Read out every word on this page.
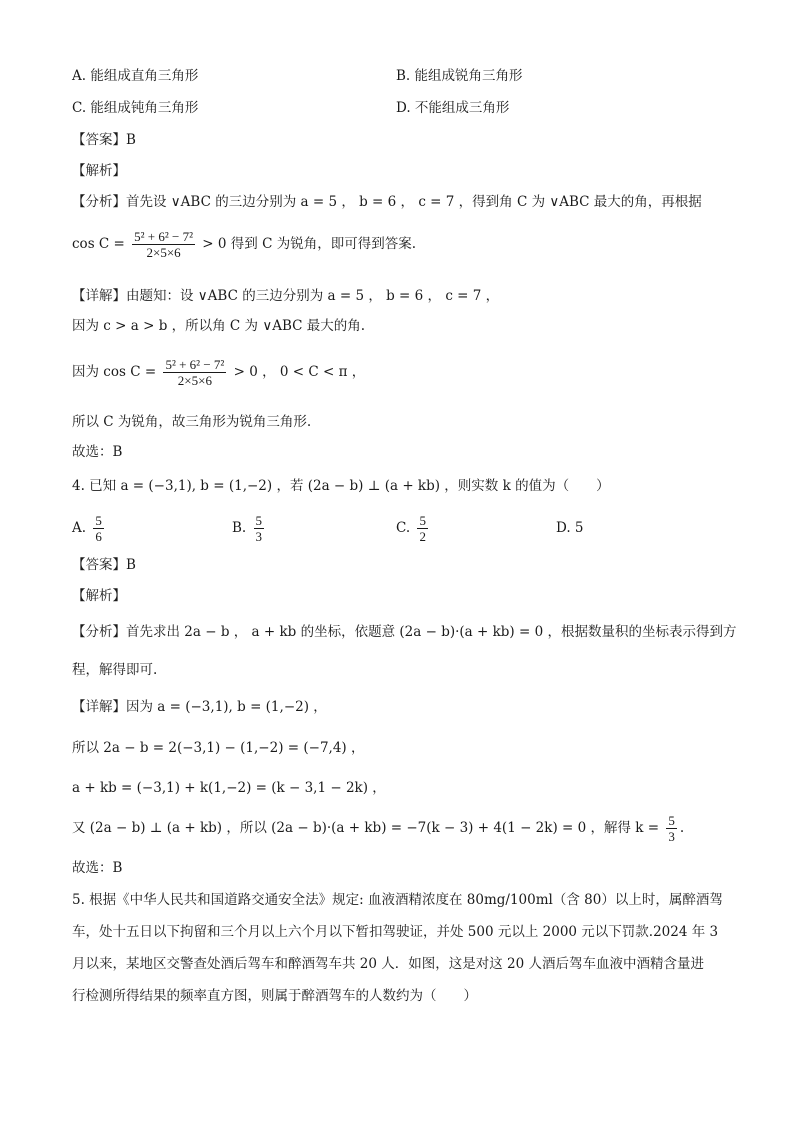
A. 能组成直角三角形	B. 能组成锐角三角形
C. 能组成钝角三角形	D. 不能组成三角形
【答案】B
【解析】
【分析】首先设 ∨ABC 的三边分别为 a = 5 ， b = 6 ， c = 7 ，得到角 C 为 ∨ABC 最大的角，再根据
$\cos C = \frac{\text{5² + 6² − 7²}}{2\times 5\times 6} > 0$ 得到 C 为锐角，即可得到答案.
【详解】由题知：设 ∨ABC 的三边分别为 a = 5 ， b = 6 ， c = 7 ，
因为 c > a > b ，所以角 C 为 ∨ABC 最大的角.
因为 $\cos C = \frac{\text{5² + 6² − 7²}}{2\times 5\times 6} > 0$ ， 0 < C < π ，
所以 C 为锐角，故三角形为锐角三角形.
故选：B
4. 已知 a = (−3,1), b = (1,−2) ，若 (2a − b) ⊥ (a + kb) ，则实数 k 的值为（　　）
A. $\frac{5}{6}$	B. $\frac{5}{3}$	C. $\frac{5}{2}$	D. 5
【答案】B
【解析】
【分析】首先求出 2a − b ， a + kb 的坐标，依题意 (2a − b)·(a + kb) = 0 ，根据数量积的坐标表示得到方
程，解得即可.
【详解】因为 a = (−3,1), b = (1,−2) ，
所以 2a − b = 2(−3,1) − (1,−2) = (−7,4) ，
a + kb = (−3,1) + k(1,−2) = (k − 3,1 − 2k) ，
又 (2a − b) ⊥ (a + kb) ，所以 (2a − b)·(a + kb) = −7(k − 3) + 4(1 − 2k) = 0 ，解得 $k = \frac{5}{3}$ .
故选：B
5. 根据《中华人民共和国道路交通安全法》规定: 血液酒精浓度在 80mg/100ml（含 80）以上时，属醉酒驾
车，处十五日以下拘留和三个月以上六个月以下暂扣驾驶证，并处 500 元以上 2000 元以下罚款.2024 年 3
月以来，某地区交警查处酒后驾车和醉酒驾车共 20 人．如图，这是对这 20 人酒后驾车血液中酒精含量进
行检测所得结果的频率直方图，则属于醉酒驾车的人数约为（　　）
